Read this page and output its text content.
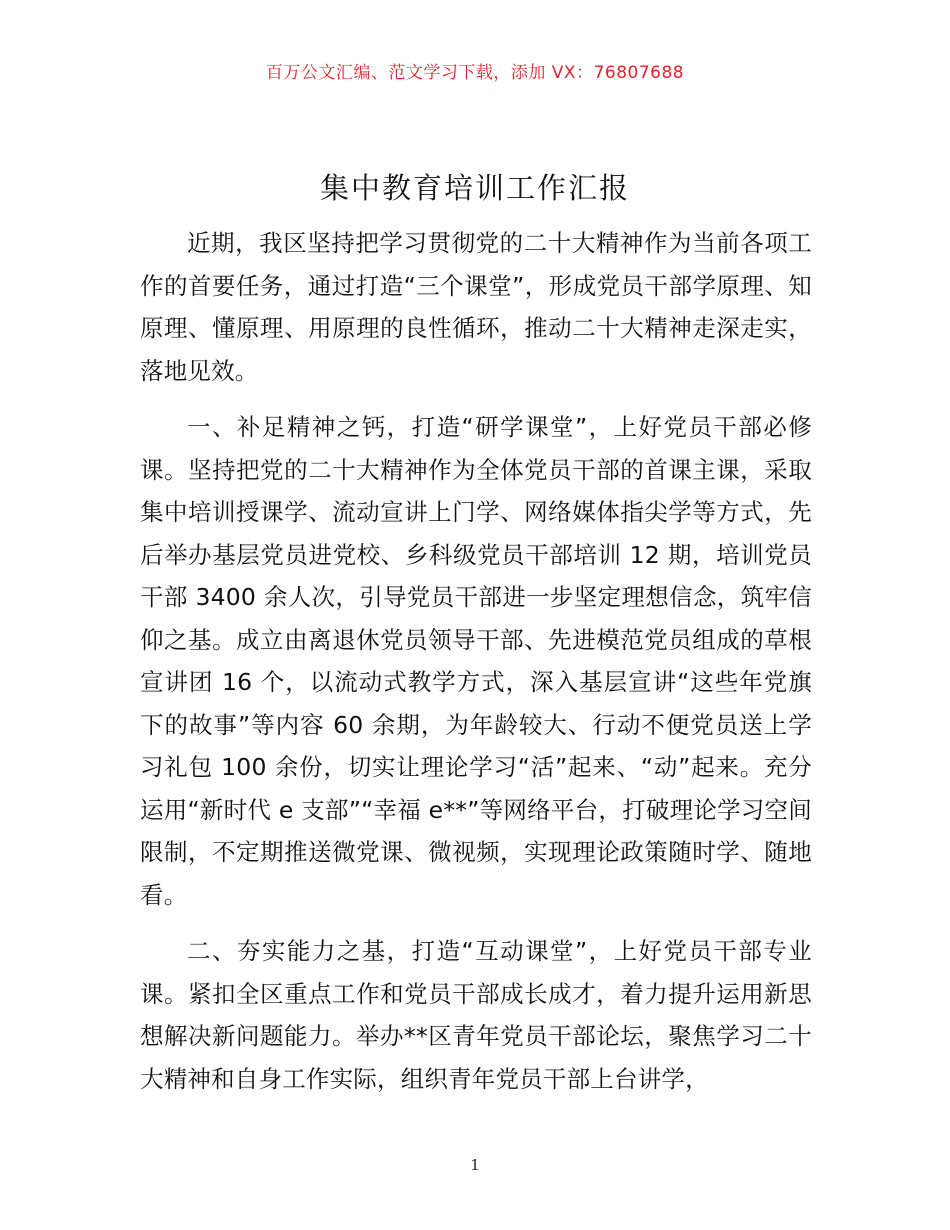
百万公文汇编、范文学习下载，添加 VX：76807688
集中教育培训工作汇报

近期，我区坚持把学习贯彻党的二十大精神作为当前各项工作的首要任务，通过打造“三个课堂”，形成党员干部学原理、知原理、懂原理、用原理的良性循环，推动二十大精神走深走实，落地见效。

一、补足精神之钙，打造“研学课堂”，上好党员干部必修课。坚持把党的二十大精神作为全体党员干部的首课主课，采取集中培训授课学、流动宣讲上门学、网络媒体指尖学等方式，先后举办基层党员进党校、乡科级党员干部培训 12 期，培训党员干部 3400 余人次，引导党员干部进一步坚定理想信念，筑牢信仰之基。成立由离退休党员领导干部、先进模范党员组成的草根宣讲团 16 个，以流动式教学方式，深入基层宣讲“这些年党旗下的故事”等内容 60 余期，为年龄较大、行动不便党员送上学习礼包 100 余份，切实让理论学习“活”起来、“动”起来。充分运用“新时代 e 支部”“幸福 e**”等网络平台，打破理论学习空间限制，不定期推送微党课、微视频，实现理论政策随时学、随地看。

二、夯实能力之基，打造“互动课堂”，上好党员干部专业课。紧扣全区重点工作和党员干部成长成才，着力提升运用新思想解决新问题能力。举办**区青年党员干部论坛，聚焦学习二十大精神和自身工作实际，组织青年党员干部上台讲学，

1
